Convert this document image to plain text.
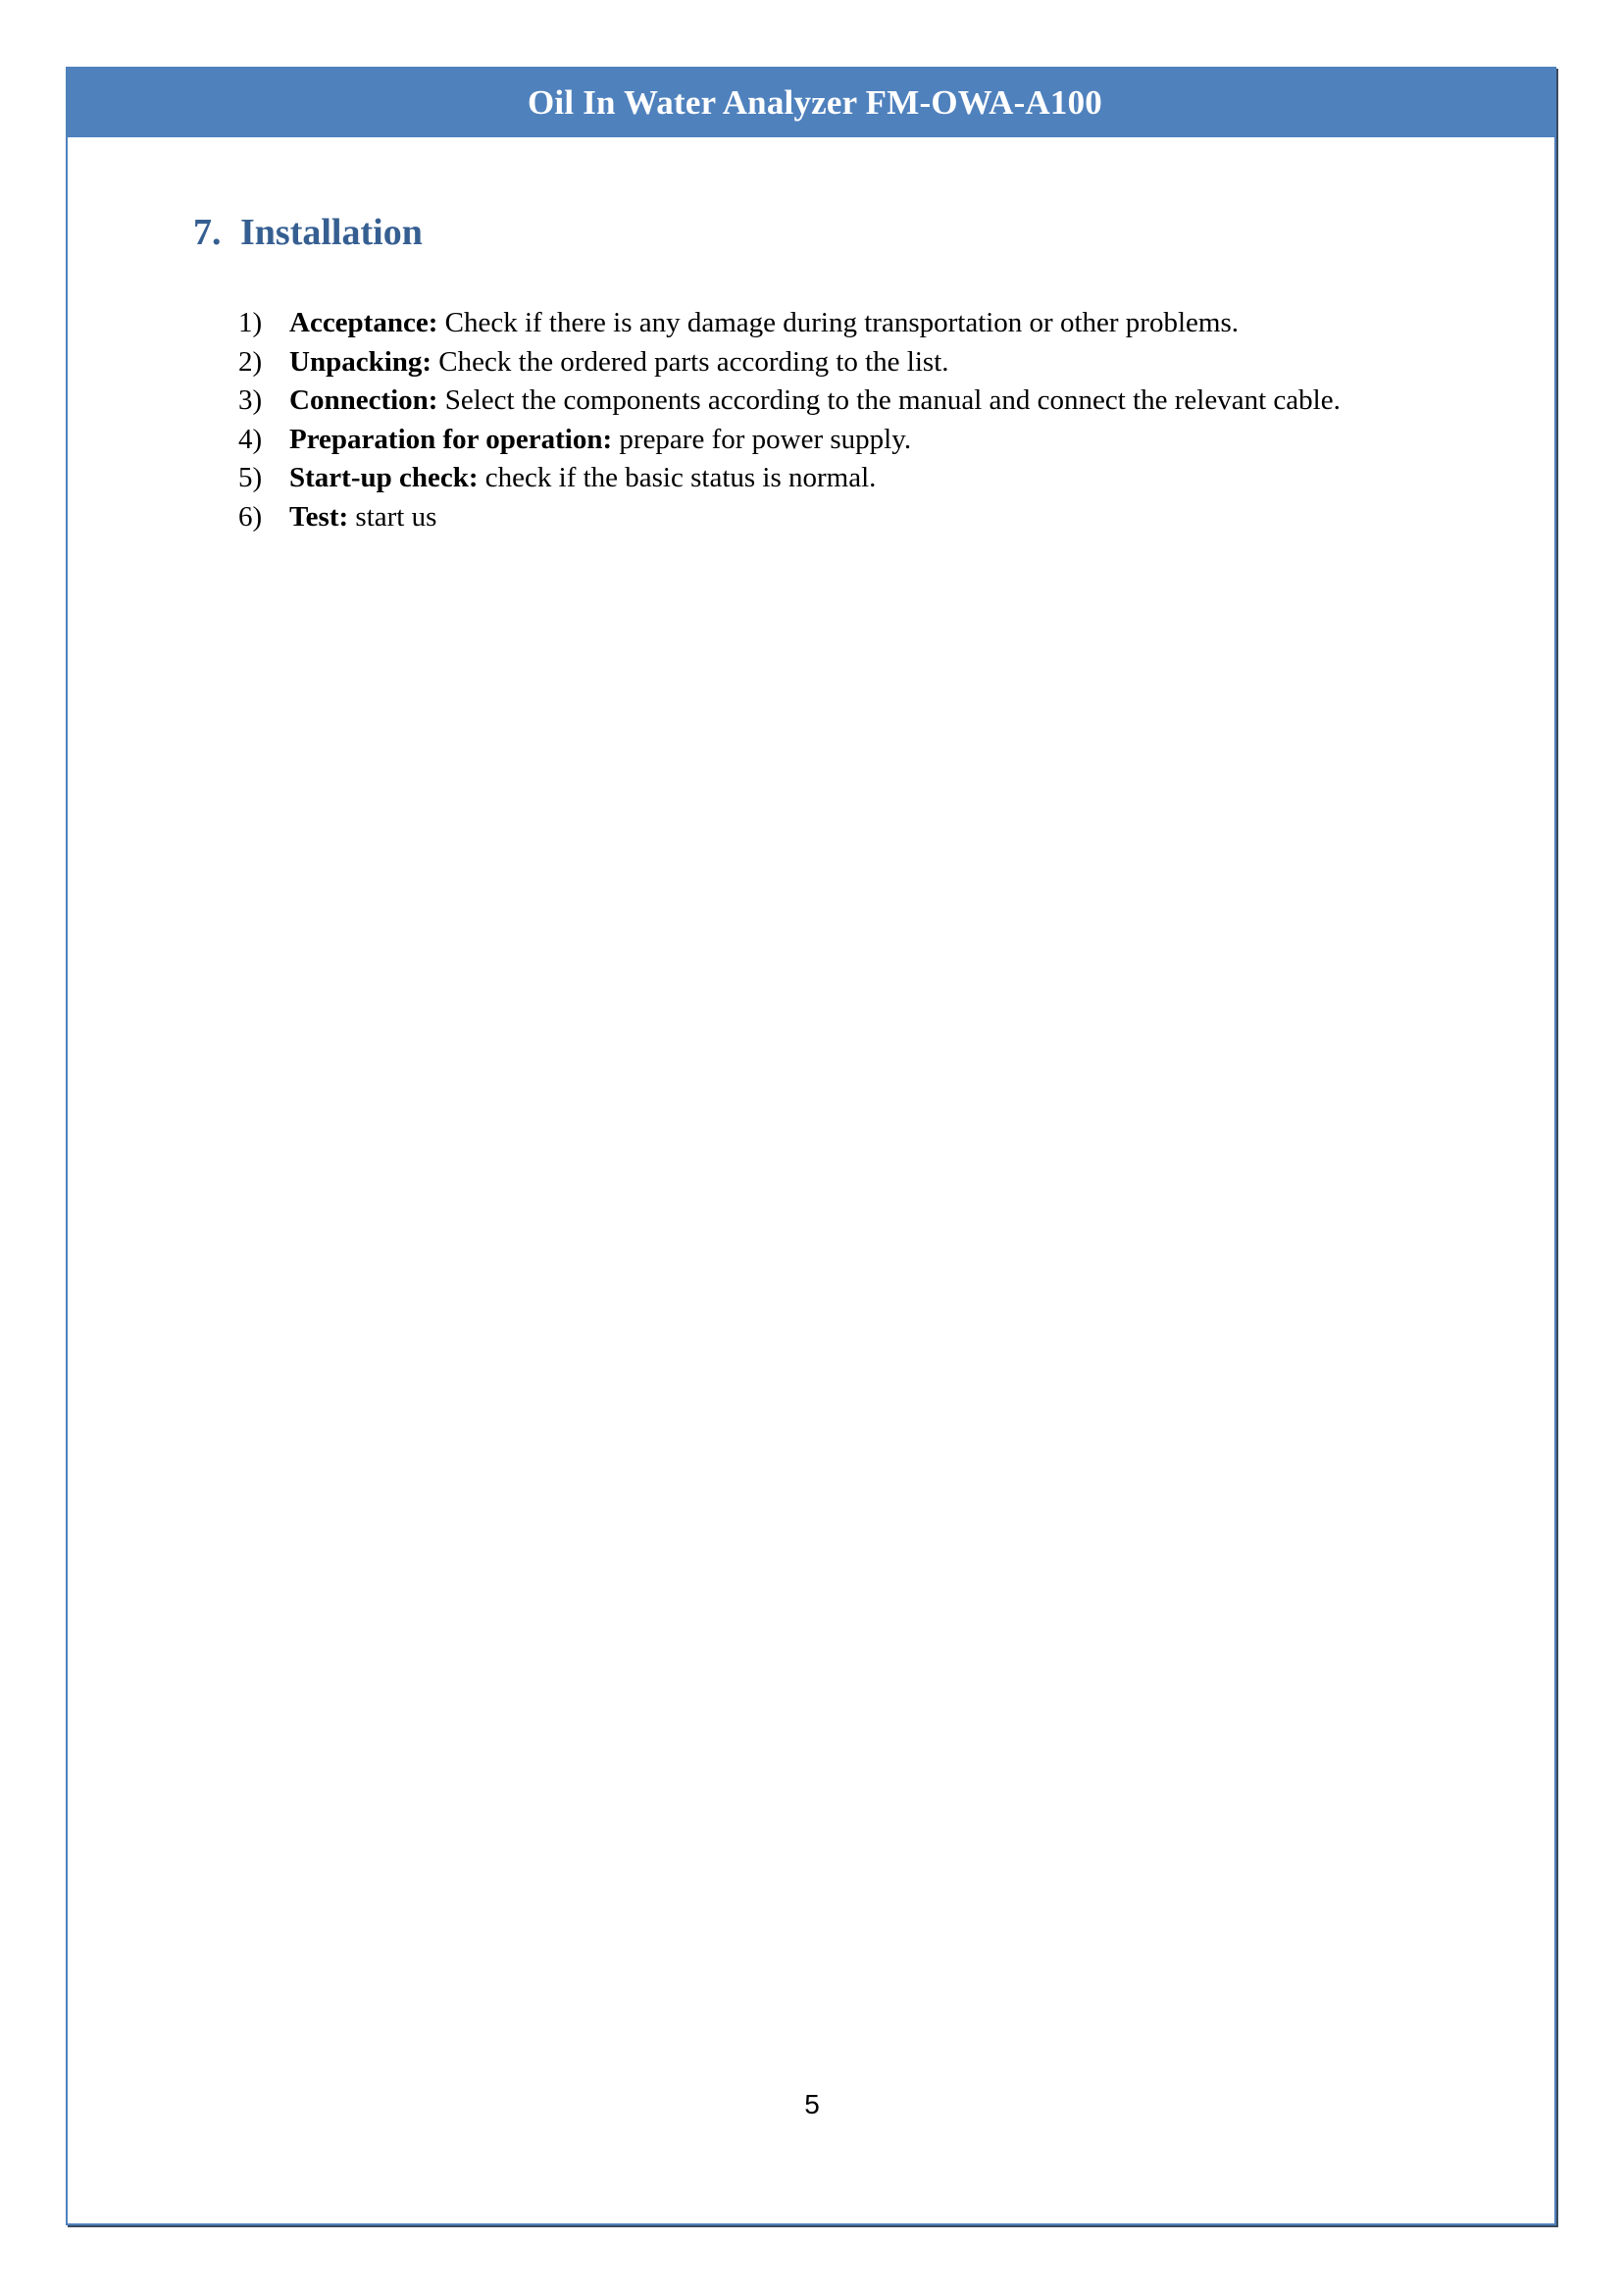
Oil In Water Analyzer FM-OWA-A100
7. Installation
1) Acceptance: Check if there is any damage during transportation or other problems.
2) Unpacking: Check the ordered parts according to the list.
3) Connection: Select the components according to the manual and connect the relevant cable.
4) Preparation for operation: prepare for power supply.
5) Start-up check: check if the basic status is normal.
6) Test: start us
5
